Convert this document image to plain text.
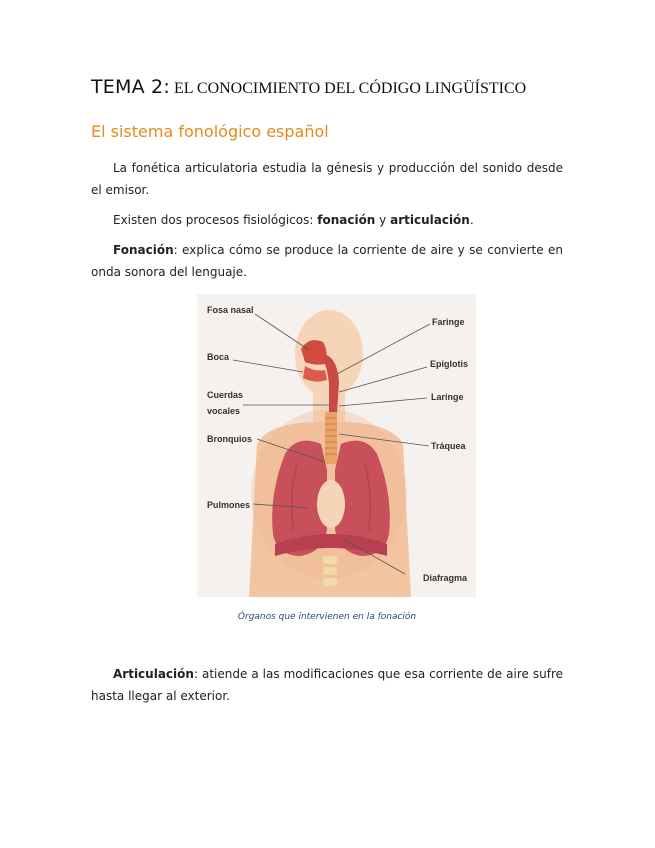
TEMA 2: EL CONOCIMIENTO DEL CÓDIGO LINGÜÍSTICO
El sistema fonológico español
La fonética articulatoria estudia la génesis y producción del sonido desde el emisor.
Existen dos procesos fisiológicos: fonación y articulación.
Fonación: explica cómo se produce la corriente de aire y se convierte en onda sonora del lenguaje.
Fosa nasal
Boca
Cuerdas
vocales
Bronquios
Pulmones
Faringe
Epiglotis
Laringe
Tráquea
Diafragma
Órganos que intervienen en la fonación
Articulación: atiende a las modificaciones que esa corriente de aire sufre hasta llegar al exterior.
